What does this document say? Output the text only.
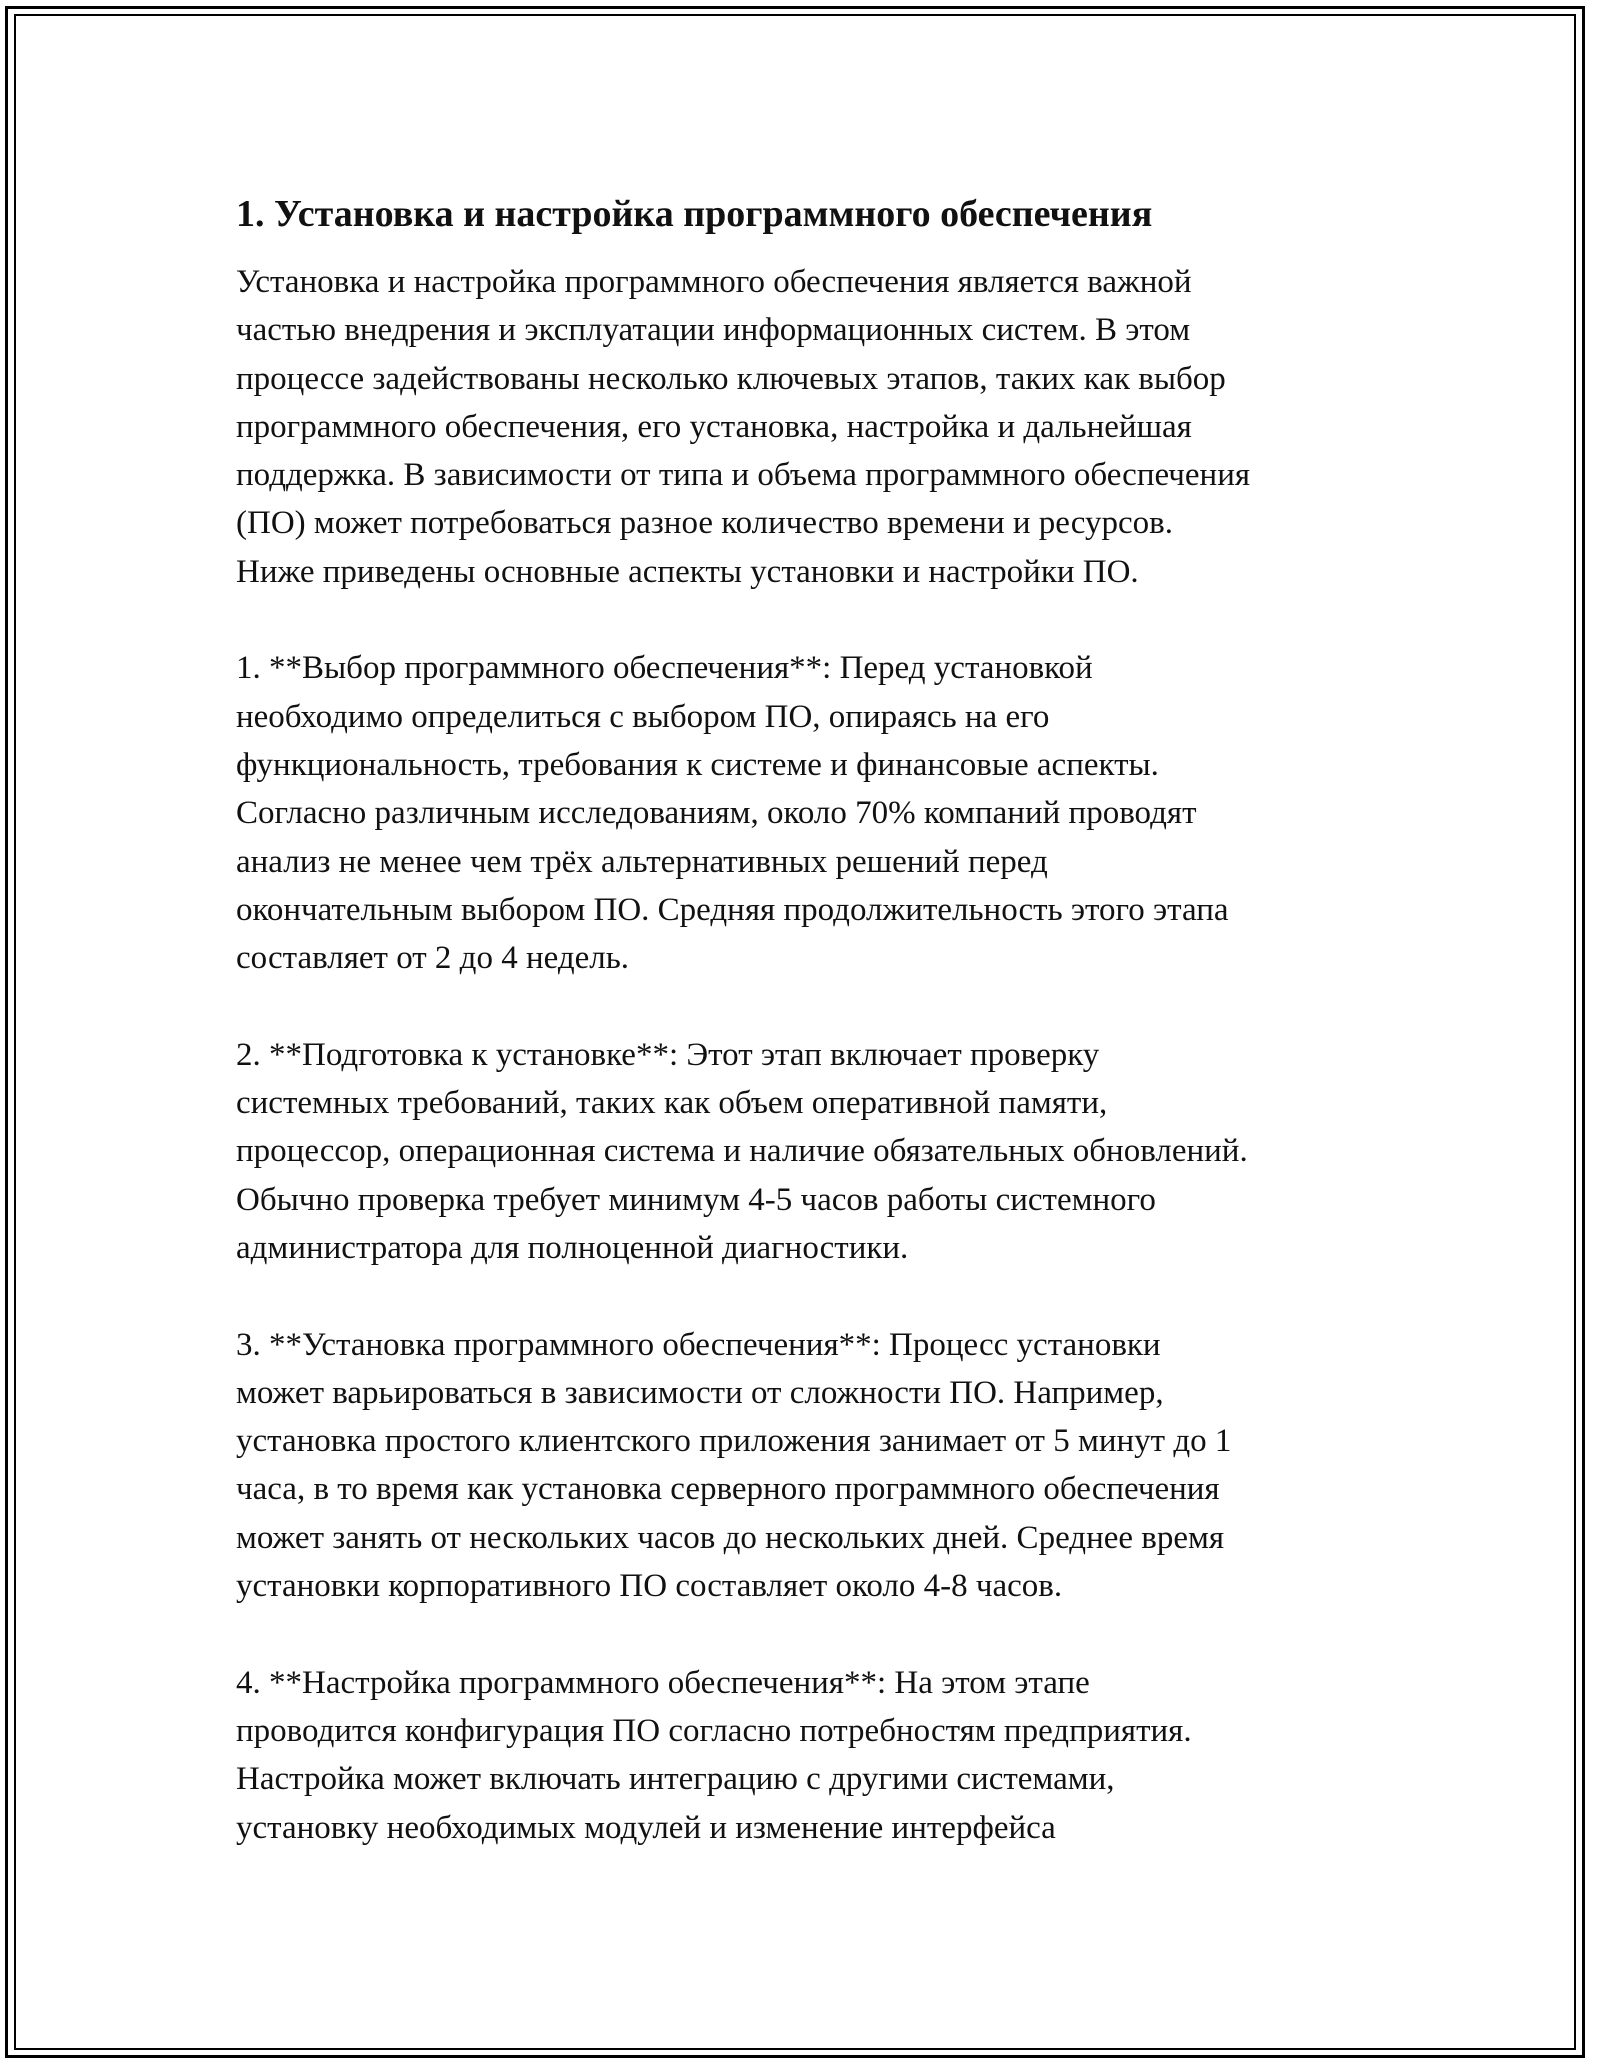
1. Установка и настройка программного обеспечения

Установка и настройка программного обеспечения является важной
частью внедрения и эксплуатации информационных систем. В этом
процессе задействованы несколько ключевых этапов, таких как выбор
программного обеспечения, его установка, настройка и дальнейшая
поддержка. В зависимости от типа и объема программного обеспечения
(ПО) может потребоваться разное количество времени и ресурсов.
Ниже приведены основные аспекты установки и настройки ПО.

1. **Выбор программного обеспечения**: Перед установкой
необходимо определиться с выбором ПО, опираясь на его
функциональность, требования к системе и финансовые аспекты.
Согласно различным исследованиям, около 70% компаний проводят
анализ не менее чем трёх альтернативных решений перед
окончательным выбором ПО. Средняя продолжительность этого этапа
составляет от 2 до 4 недель.

2. **Подготовка к установке**: Этот этап включает проверку
системных требований, таких как объем оперативной памяти,
процессор, операционная система и наличие обязательных обновлений.
Обычно проверка требует минимум 4-5 часов работы системного
администратора для полноценной диагностики.

3. **Установка программного обеспечения**: Процесс установки
может варьироваться в зависимости от сложности ПО. Например,
установка простого клиентского приложения занимает от 5 минут до 1
часа, в то время как установка серверного программного обеспечения
может занять от нескольких часов до нескольких дней. Среднее время
установки корпоративного ПО составляет около 4-8 часов.

4. **Настройка программного обеспечения**: На этом этапе
проводится конфигурация ПО согласно потребностям предприятия.
Настройка может включать интеграцию с другими системами,
установку необходимых модулей и изменение интерфейса
